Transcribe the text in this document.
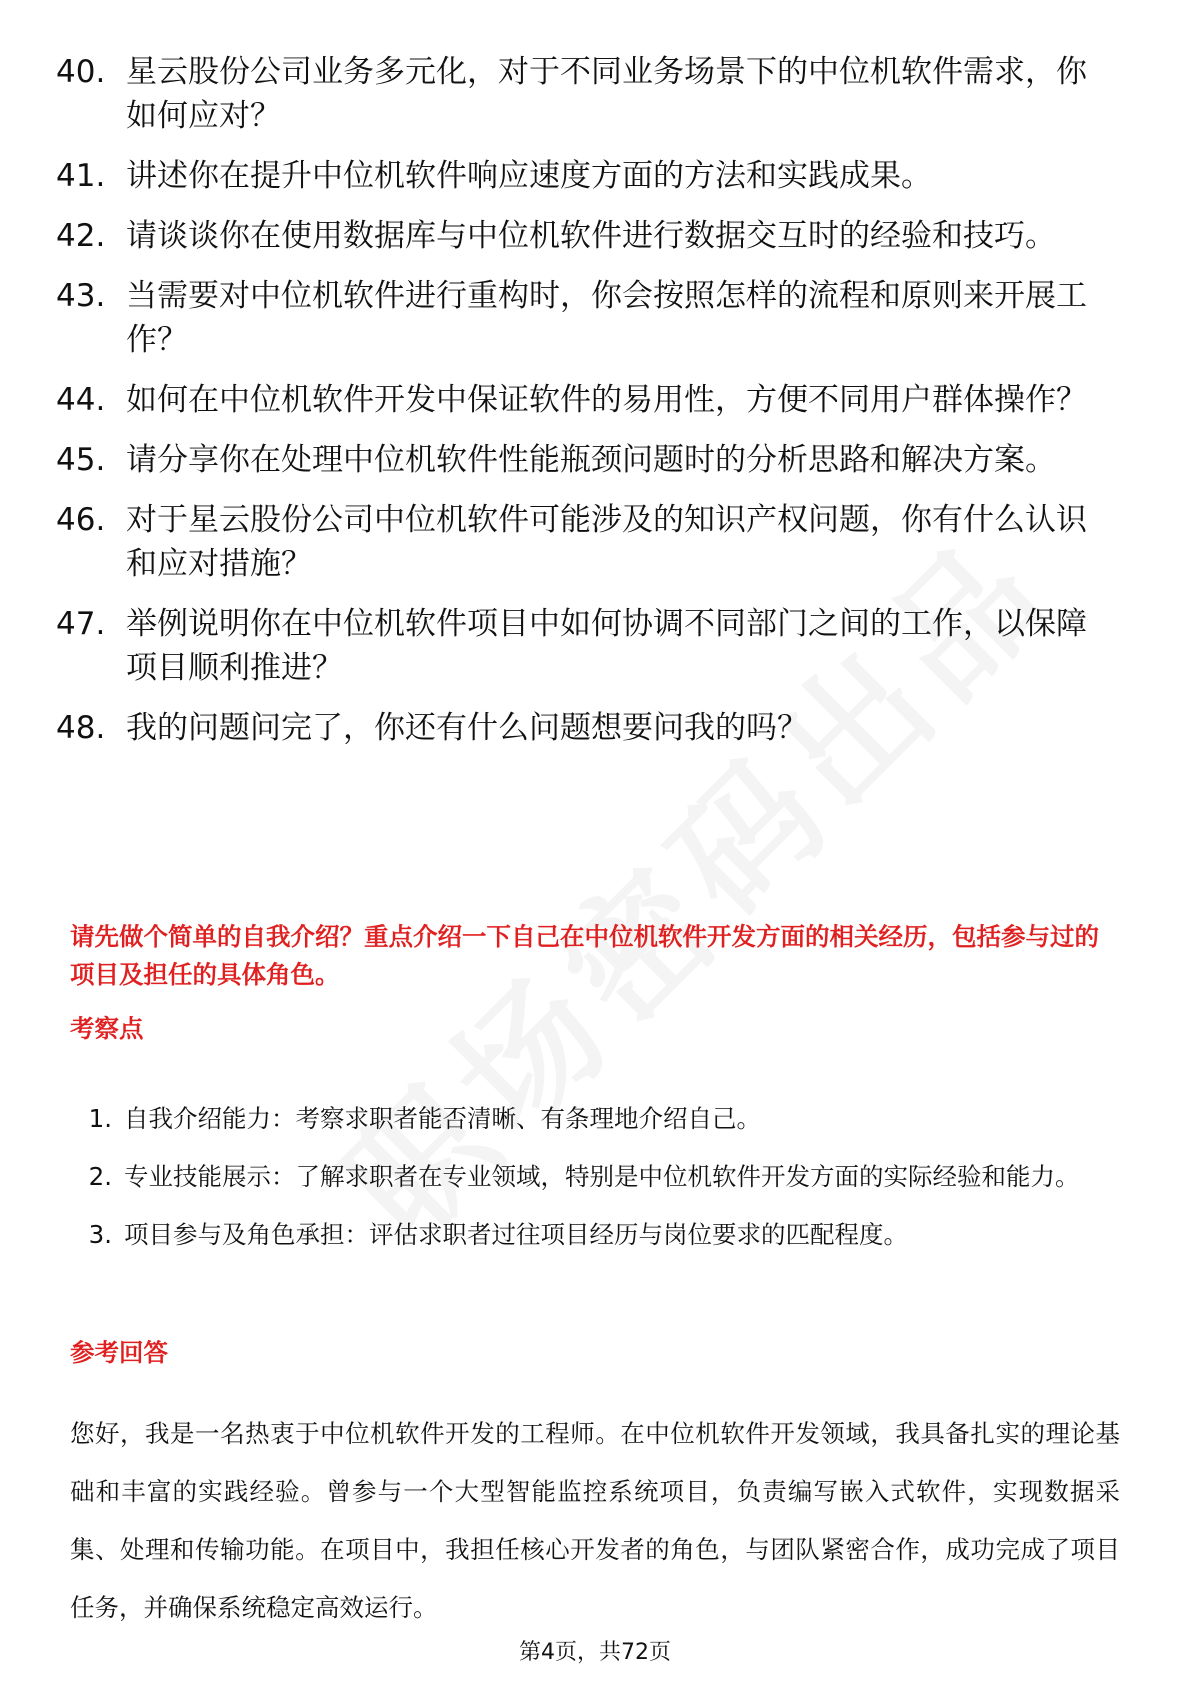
40. 星云股份公司业务多元化，对于不同业务场景下的中位机软件需求，你如何应对？
41. 讲述你在提升中位机软件响应速度方面的方法和实践成果。
42. 请谈谈你在使用数据库与中位机软件进行数据交互时的经验和技巧。
43. 当需要对中位机软件进行重构时，你会按照怎样的流程和原则来开展工作？
44. 如何在中位机软件开发中保证软件的易用性，方便不同用户群体操作？
45. 请分享你在处理中位机软件性能瓶颈问题时的分析思路和解决方案。
46. 对于星云股份公司中位机软件可能涉及的知识产权问题，你有什么认识和应对措施？
47. 举例说明你在中位机软件项目中如何协调不同部门之间的工作，以保障项目顺利推进？
48. 我的问题问完了，你还有什么问题想要问我的吗？

请先做个简单的自我介绍？重点介绍一下自己在中位机软件开发方面的相关经历，包括参与过的项目及担任的具体角色。

考察点

1. 自我介绍能力：考察求职者能否清晰、有条理地介绍自己。
2. 专业技能展示：了解求职者在专业领域，特别是中位机软件开发方面的实际经验和能力。
3. 项目参与及角色承担：评估求职者过往项目经历与岗位要求的匹配程度。

参考回答

您好，我是一名热衷于中位机软件开发的工程师。在中位机软件开发领域，我具备扎实的理论基础和丰富的实践经验。曾参与一个大型智能监控系统项目，负责编写嵌入式软件，实现数据采集、处理和传输功能。在项目中，我担任核心开发者的角色，与团队紧密合作，成功完成了项目任务，并确保系统稳定高效运行。

第4页，共72页
